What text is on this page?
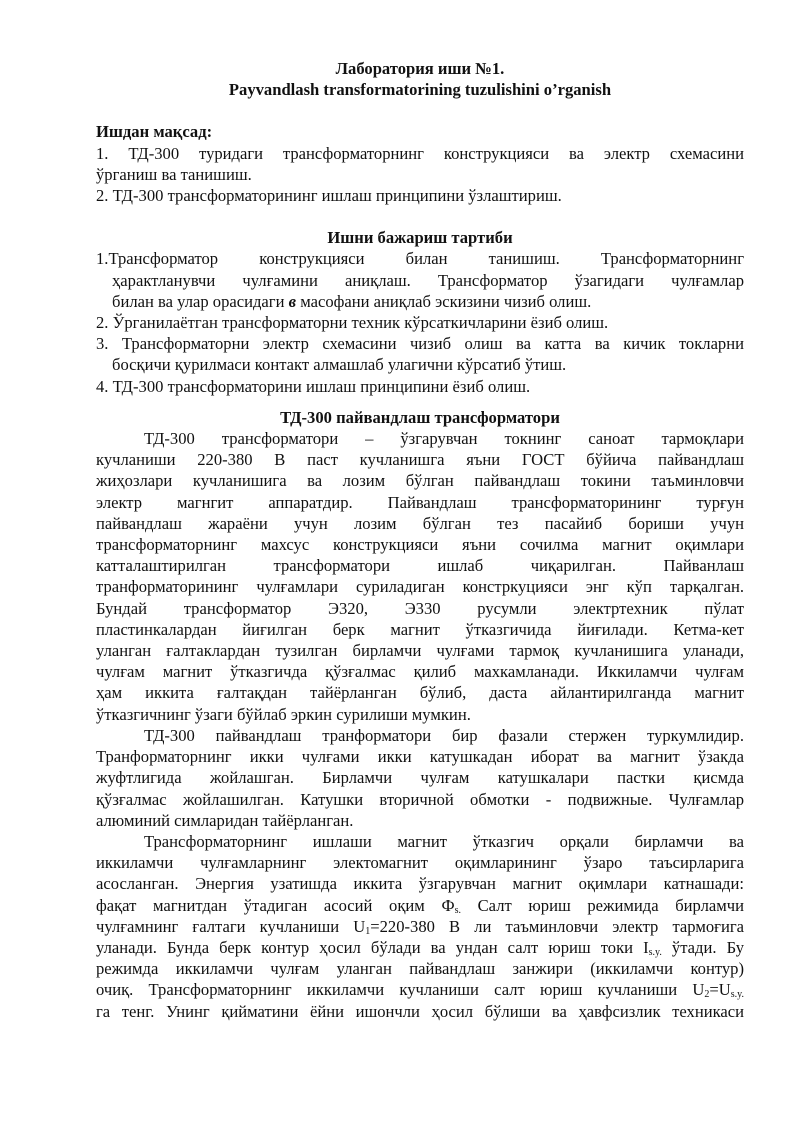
Лаборатория иши №1.
Payvandlash transformatorining tuzulishini o’rganish
Ишдан мақсад:
1. ТД-300 туридаги трансформаторнинг конструкцияси ва электр схемасини
ўрганиш ва танишиш.
2. ТД-300 трансформаторининг ишлаш принципини ўзлаштириш.
Ишни бажариш тартиби
1.Трансформатор конструкцияси билан танишиш. Трансформаторнинг
ҳарактланувчи чулғамини аниқлаш. Трансформатор ўзагидаги чулғамлар
билан ва улар орасидаги в масофани аниқлаб эскизини чизиб олиш.
2. Ўрганилаётган трансформаторни техник кўрсаткичларини ёзиб олиш.
3. Трансформаторни электр схемасини чизиб олиш ва катта ва кичик токларни
босқичи қурилмаси контакт алмашлаб улагични кўрсатиб ўтиш.
4. ТД-300 трансформаторини ишлаш принципини ёзиб олиш.
ТД-300 пайвандлаш трансформатори
ТД-300 трансформатори – ўзгарувчан токнинг саноат тармоқлари
кучланиши 220-380 В паст кучланишга яъни ГОСТ бўйича пайвандлаш
жиҳозлари кучланишига ва лозим бўлган пайвандлаш токини таъминловчи
электр магнгит аппаратдир. Пайвандлаш трансформаторининг турғун
пайвандлаш жараёни учун лозим бўлган тез пасайиб бориши учун
трансформаторнинг махсус конструкцияси яъни сочилма магнит оқимлари
катталаштирилган трансформатори ишлаб чиқарилган. Пайванлаш
транформаторининг чулғамлари суриладиган констркуцияси энг кўп тарқалган.
Бундай трансформатор Э320, Э330 русумли электртехник пўлат
пластинкалардан йиғилган берк магнит ўтказгичида йиғилади. Кетма-кет
уланган ғалтаклардан тузилган бирламчи чулғами тармоқ кучланишига уланади,
чулғам магнит ўтказгичда қўзғалмас қилиб махкамланади. Иккиламчи чулғам
ҳам иккита ғалтақдан тайёрланган бўлиб, даста айлантирилганда магнит
ўтказгичнинг ўзаги бўйлаб эркин сурилиши мумкин.
ТД-300 пайвандлаш транформатори бир фазали стержен туркумлидир.
Транформаторнинг икки чулғами икки катушкадан иборат ва магнит ўзакда
жуфтлигида жойлашган. Бирламчи чулғам катушкалари пастки қисмда
қўзғалмас жойлашилган. Катушки вторичной обмотки - подвижные. Чулғамлар
алюминий симларидан тайёрланган.
Трансформаторнинг ишлаши магнит ўтказгич орқали бирламчи ва
иккиламчи чулғамларнинг электомагнит оқимларининг ўзаро таъсирларига
асосланган. Энергия узатишда иккита ўзгарувчан магнит оқимлари катнашади:
фақат магнитдан ўтадиган асосий оқим $Ф_{s.}$ Салт юриш режимида бирламчи
чулғамнинг ғалтаги кучланиши $U_1=220-380$ В ли таъминловчи электр тармоғига
уланади. Бунда берк контур ҳосил бўлади ва ундан салт юриш токи $I_{s.y.}$ ўтади. Бу
режимда иккиламчи чулғам уланган пайвандлаш занжири (иккиламчи контур)
очиқ. Трансформаторнинг иккиламчи кучланиши салт юриш кучланиши $U_2=U_{s.y.}$
га тенг. Унинг қийматини ёйни ишончли ҳосил бўлиши ва ҳавфсизлик техникаси
